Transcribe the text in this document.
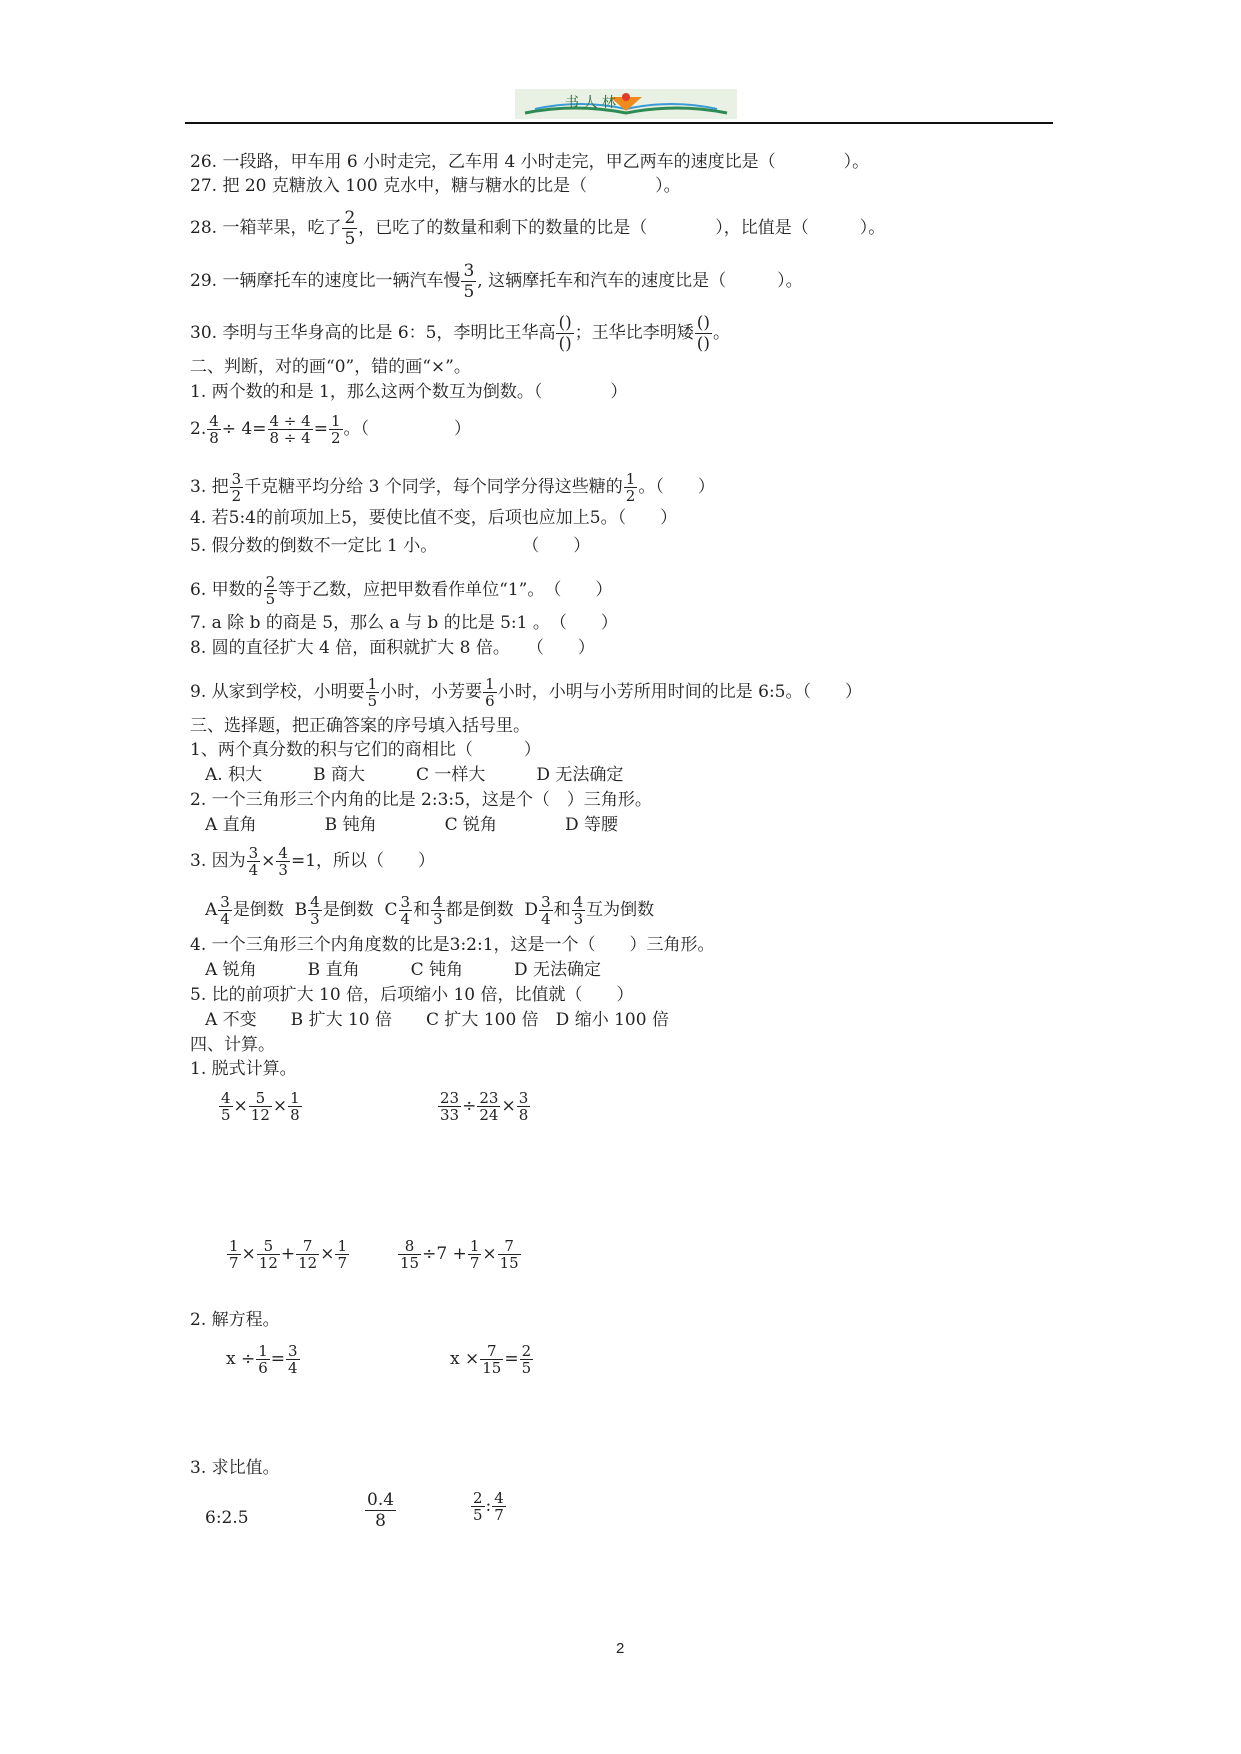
书 人 林
26. 一段路，甲车用 6 小时走完，乙车用 4 小时走完，甲乙两车的速度比是（　　　　）。
27. 把 20 克糖放入 100 克水中，糖与糖水的比是（　　　　）。
28. 一箱苹果，吃了 $\frac{2}{5}$ ，已吃了的数量和剩下的数量的比是（　　　　），比值是（　　　）。
29. 一辆摩托车的速度比一辆汽车慢 $\frac{3}{5}$ , 这辆摩托车和汽车的速度比是（　　　）。
30. 李明与王华身高的比是 6：5，李明比王华高 $\frac{()}{()}$ ；王华比李明矮 $\frac{()}{()}$ 。
二、判断，对的画“0”，错的画“×”。
1. 两个数的和是 1，那么这两个数互为倒数。（　　　　）
2. $\frac{4}{8} \div 4= \frac{4 \div 4}{8 \div 4} = \frac{1}{2}$ 。（　　　　　）
3. 把 $\frac{3}{2}$ 千克糖平均分给 3 个同学，每个同学分得这些糖的 $\frac{1}{2}$ 。（　　）
4. 若5:4的前项加上5，要使比值不变，后项也应加上5。（　　）
5. 假分数的倒数不一定比 1 小。　　　　　　（　　）
6. 甲数的 $\frac{2}{5}$ 等于乙数，应把甲数看作单位“1”。　（　　）
7. a 除 b 的商是 5，那么 a 与 b 的比是 5:1 。　（　　）
8. 圆的直径扩大 4 倍，面积就扩大 8 倍。　　（　　）
9. 从家到学校，小明要 $\frac{1}{5}$ 小时，小芳要 $\frac{1}{6}$ 小时，小明与小芳所用时间的比是 6:5。（　　）
三、选择题，把正确答案的序号填入括号里。
1、两个真分数的积与它们的商相比（　　　）
A. 积大　　　B 商大　　　C 一样大　　　D 无法确定
2. 一个三角形三个内角的比是 2:3:5，这是个（　）三角形。
A 直角　　　　B 钝角　　　　C 锐角　　　　D 等腰
3. 因为 $\frac{3}{4} \times \frac{4}{3} =1$，所以（　　）
A $\frac{3}{4}$ 是倒数 B $\frac{4}{3}$ 是倒数 C $\frac{3}{4}$ 和 $\frac{4}{3}$ 都是倒数 D $\frac{3}{4}$ 和 $\frac{4}{3}$ 互为倒数
4. 一个三角形三个内角度数的比是3:2:1，这是一个（　　）三角形。
A 锐角　　　B 直角　　　C 钝角　　　D 无法确定
5. 比的前项扩大 10 倍，后项缩小 10 倍，比值就（　　）
A 不变　　B 扩大 10 倍　　C 扩大 100 倍　D 缩小 100 倍
四、计算。
1. 脱式计算。
$\frac{4}{5} \times \frac{5}{12} \times \frac{1}{8}$	$\frac{23}{33} \div \frac{23}{24} \times \frac{3}{8}$
$\frac{1}{7} \times \frac{5}{12} + \frac{7}{12} \times \frac{1}{7}$	$\frac{8}{15} \div 7 + \frac{1}{7} \times \frac{7}{15}$
2. 解方程。
$x \div \frac{1}{6} = \frac{3}{4}$	$x \times \frac{7}{15} = \frac{2}{5}$
3. 求比值。
6:2.5	$\frac{0.4}{8}$	$\frac{2}{5}$ : $\frac{4}{7}$
2
